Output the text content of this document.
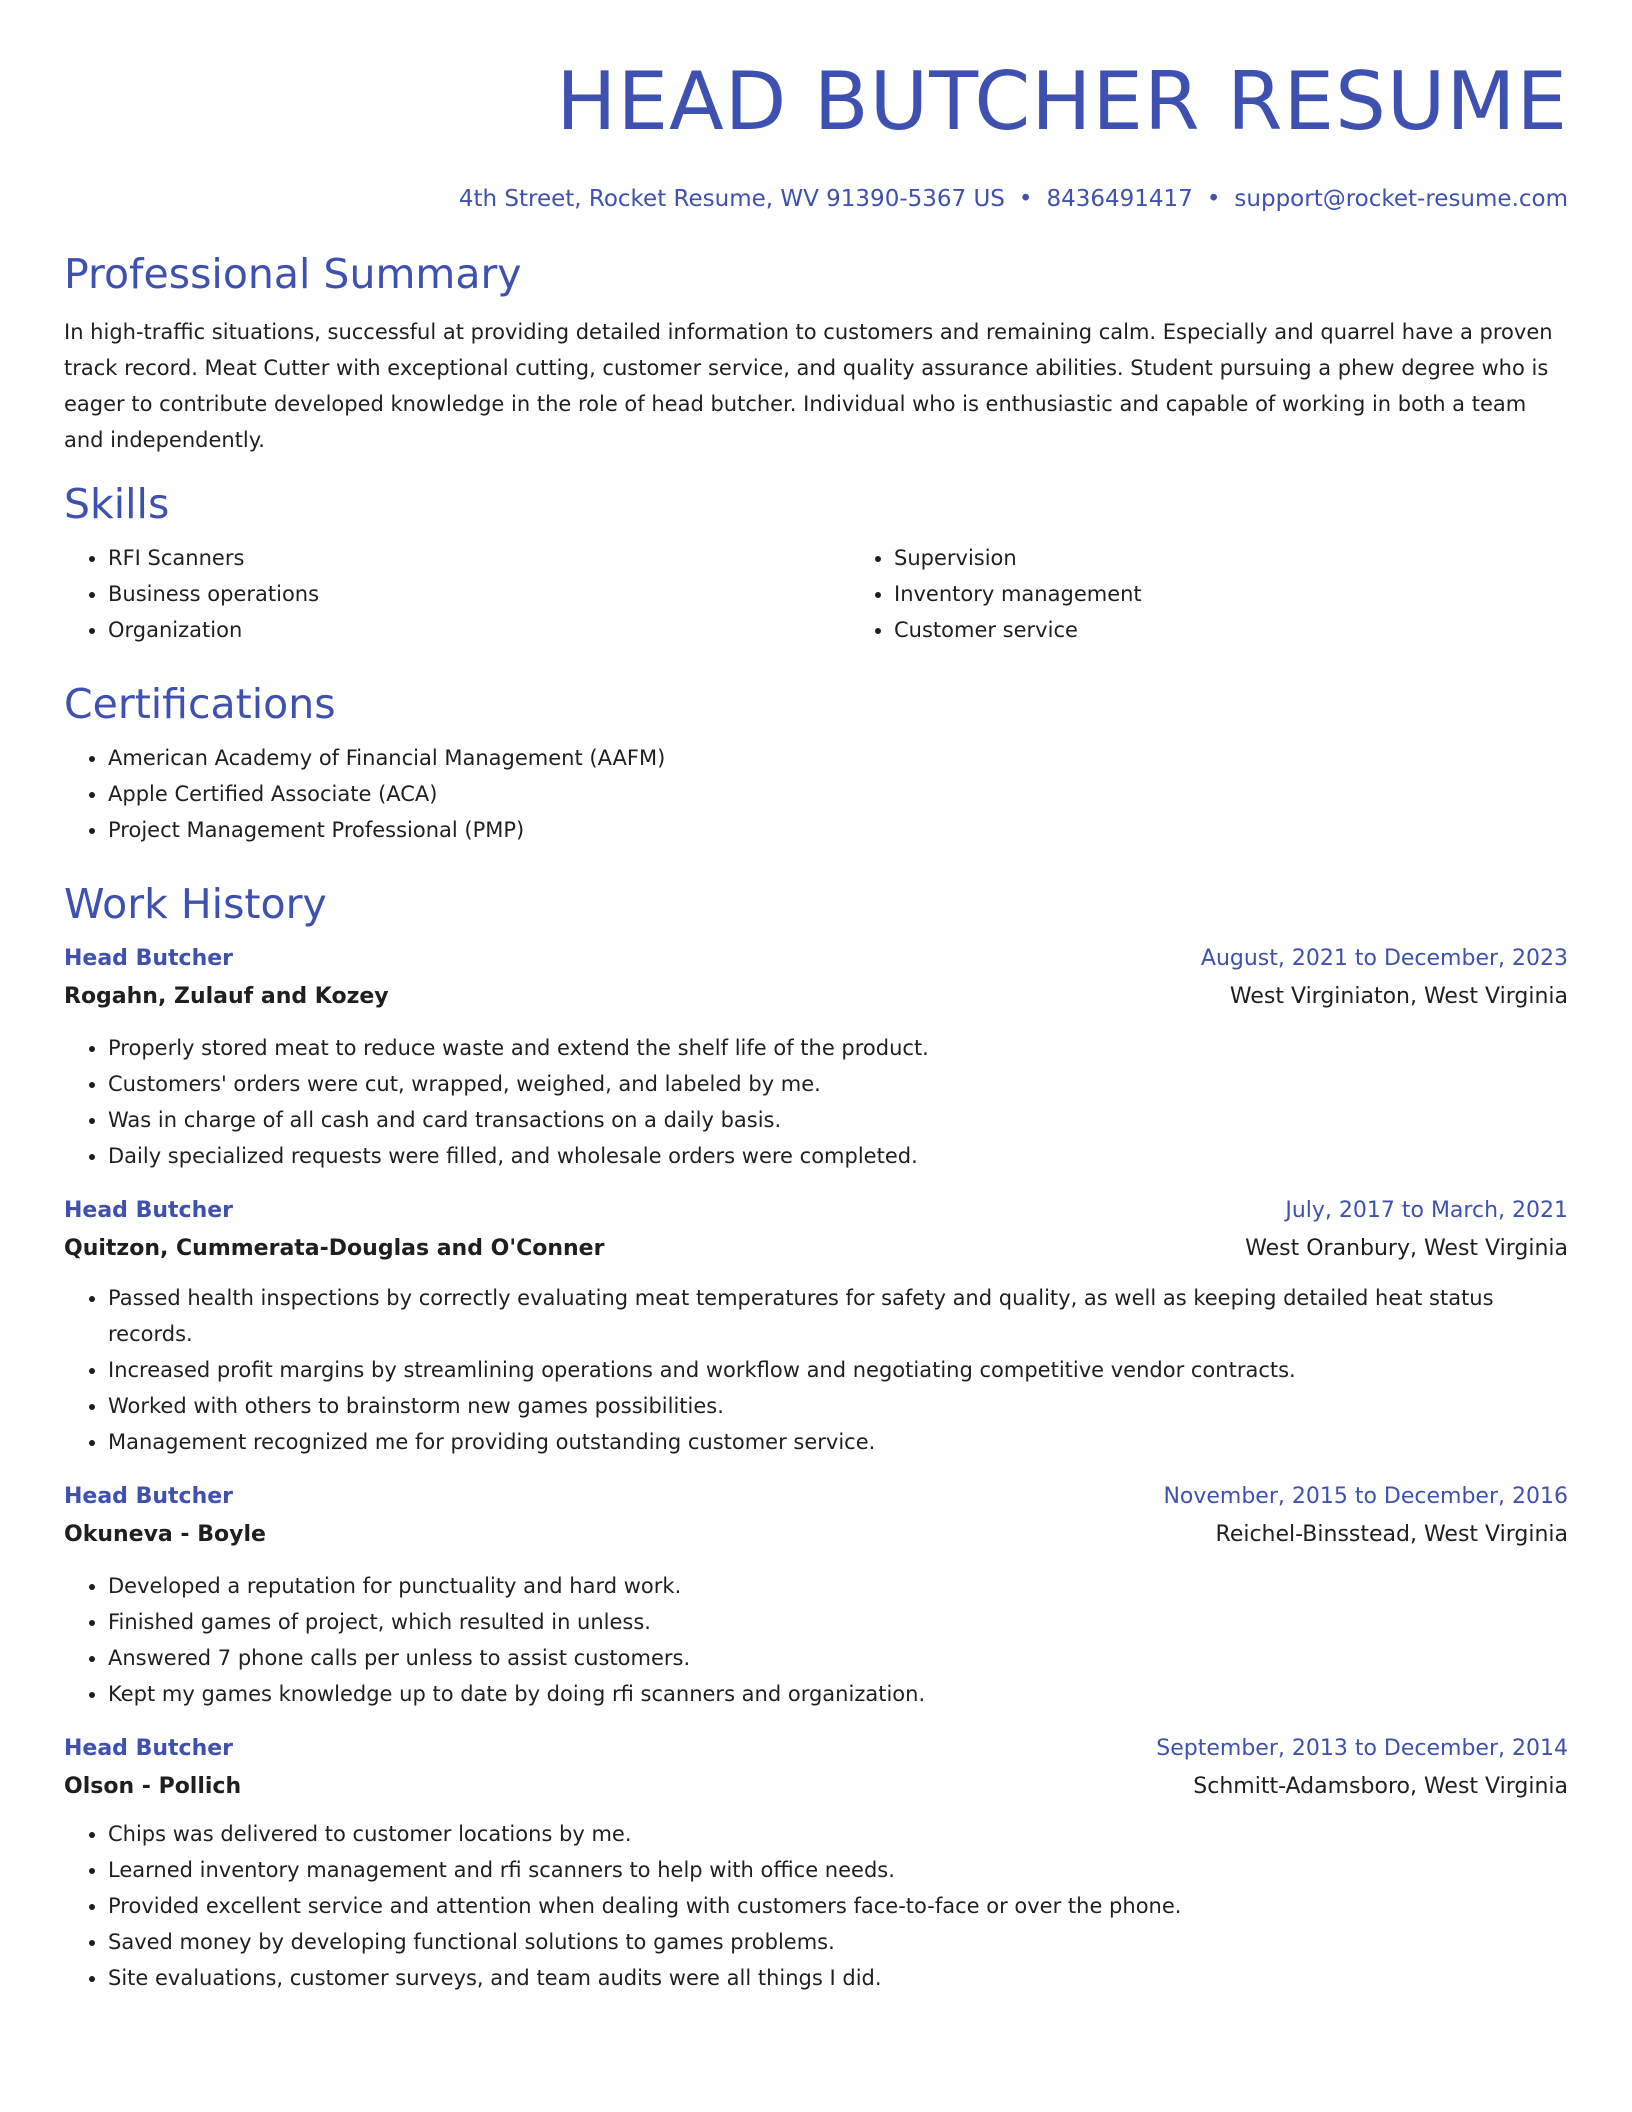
HEAD BUTCHER RESUME
4th Street, Rocket Resume, WV 91390-5367 US • 8436491417 • support@rocket-resume.com
Professional Summary

In high-traffic situations, successful at providing detailed information to customers and remaining calm. Especially and quarrel have a proven track record. Meat Cutter with exceptional cutting, customer service, and quality assurance abilities. Student pursuing a phew degree who is eager to contribute developed knowledge in the role of head butcher. Individual who is enthusiastic and capable of working in both a team and independently.

Skills
• RFI Scanners
• Business operations
• Organization
• Supervision
• Inventory management
• Customer service
Certifications
• American Academy of Financial Management (AAFM)
• Apple Certified Associate (ACA)
• Project Management Professional (PMP)
Work History
Head Butcher	August, 2021 to December, 2023
Rogahn, Zulauf and Kozey	West Virginiaton, West Virginia
• Properly stored meat to reduce waste and extend the shelf life of the product.
• Customers' orders were cut, wrapped, weighed, and labeled by me.
• Was in charge of all cash and card transactions on a daily basis.
• Daily specialized requests were filled, and wholesale orders were completed.
Head Butcher	July, 2017 to March, 2021
Quitzon, Cummerata-Douglas and O'Conner	West Oranbury, West Virginia
• Passed health inspections by correctly evaluating meat temperatures for safety and quality, as well as keeping detailed heat status records.
• Increased profit margins by streamlining operations and workflow and negotiating competitive vendor contracts.
• Worked with others to brainstorm new games possibilities.
• Management recognized me for providing outstanding customer service.
Head Butcher	November, 2015 to December, 2016
Okuneva - Boyle	Reichel-Binsstead, West Virginia
• Developed a reputation for punctuality and hard work.
• Finished games of project, which resulted in unless.
• Answered 7 phone calls per unless to assist customers.
• Kept my games knowledge up to date by doing rfi scanners and organization.
Head Butcher	September, 2013 to December, 2014
Olson - Pollich	Schmitt-Adamsboro, West Virginia
• Chips was delivered to customer locations by me.
• Learned inventory management and rfi scanners to help with office needs.
• Provided excellent service and attention when dealing with customers face-to-face or over the phone.
• Saved money by developing functional solutions to games problems.
• Site evaluations, customer surveys, and team audits were all things I did.
